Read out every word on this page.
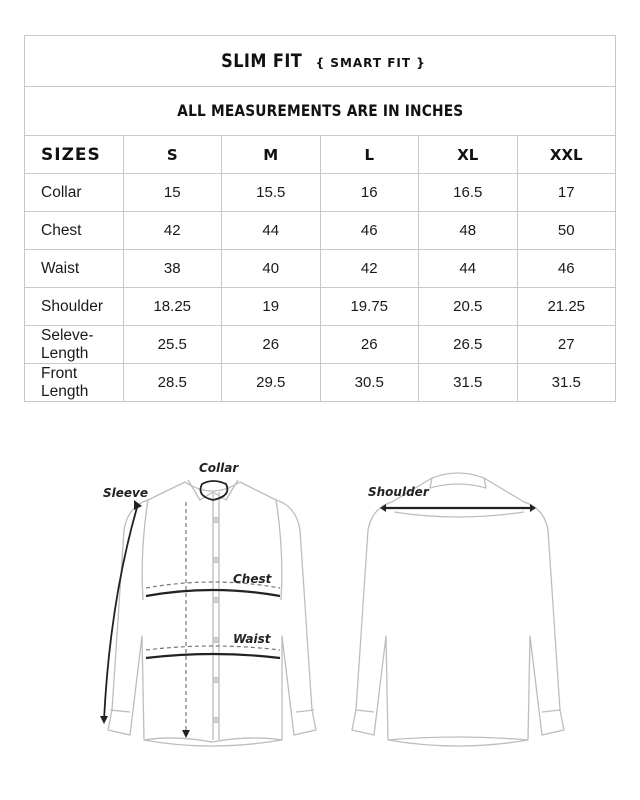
SLIM FIT { SMART FIT }					
ALL MEASUREMENTS ARE IN INCHES					
SIZES	S	M	L	XL	XXL
Collar	15	15.5	16	16.5	17
Chest	42	44	46	48	50
Waist	38	40	42	44	46
Shoulder	18.25	19	19.75	20.5	21.25
Seleve-Length	25.5	26	26	26.5	27
Front Length	28.5	29.5	30.5	31.5	31.5
Collar
Sleeve
Chest
Waist
Shoulder
